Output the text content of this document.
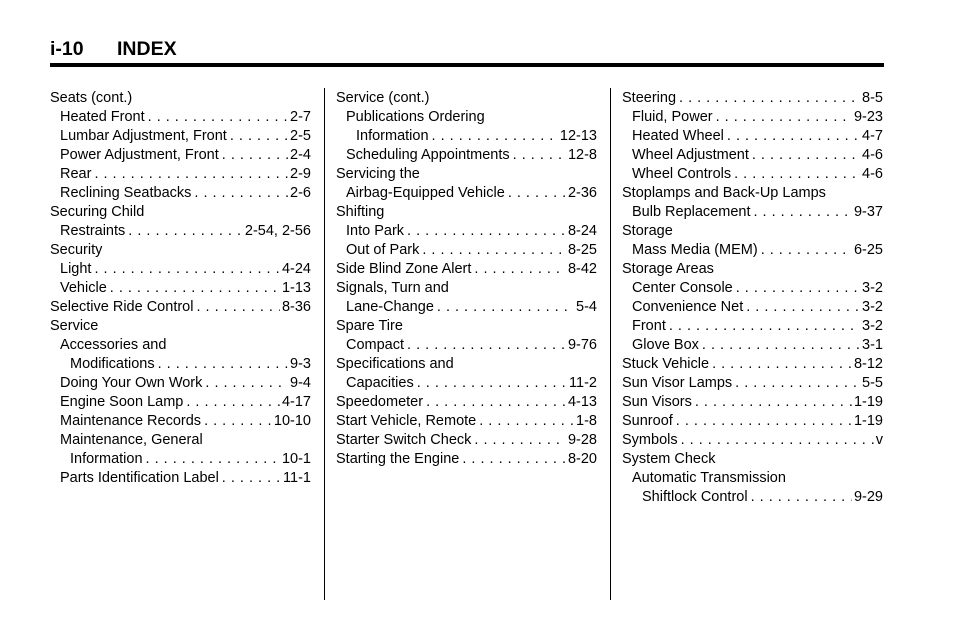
i-10 INDEX
Seats (cont.)
Heated Front . . .	2-7
Lumbar Adjustment, Front . . .	2-5
Power Adjustment, Front . . .	2-4
Rear . . .	2-9
Reclining Seatbacks . . .	2-6
Securing Child
Restraints . . .	2-54, 2-56
Security
Light . . .	4-24
Vehicle . . .	1-13
Selective Ride Control . . .	8-36
Service
Accessories and
Modifications . . .	9-3
Doing Your Own Work . . .	9-4
Engine Soon Lamp . . .	4-17
Maintenance Records . . .	10-10
Maintenance, General
Information . . .	10-1
Parts Identification Label . . .	11-1
Service (cont.)
Publications Ordering
Information . . .	12-13
Scheduling Appointments . . .	12-8
Servicing the
Airbag-Equipped Vehicle . . .	2-36
Shifting
Into Park . . .	8-24
Out of Park . . .	8-25
Side Blind Zone Alert . . .	8-42
Signals, Turn and
Lane-Change . . .	5-4
Spare Tire
Compact . . .	9-76
Specifications and
Capacities . . .	11-2
Speedometer . . .	4-13
Start Vehicle, Remote . . .	1-8
Starter Switch Check . . .	9-28
Starting the Engine . . .	8-20
Steering . . .	8-5
Fluid, Power . . .	9-23
Heated Wheel . . .	4-7
Wheel Adjustment . . .	4-6
Wheel Controls . . .	4-6
Stoplamps and Back-Up Lamps
Bulb Replacement . . .	9-37
Storage
Mass Media (MEM) . . .	6-25
Storage Areas
Center Console . . .	3-2
Convenience Net . . .	3-2
Front . . .	3-2
Glove Box . . .	3-1
Stuck Vehicle . . .	8-12
Sun Visor Lamps . . .	5-5
Sun Visors . . .	1-19
Sunroof . . .	1-19
Symbols . . .	v
System Check
Automatic Transmission
Shiftlock Control . . .	9-29
